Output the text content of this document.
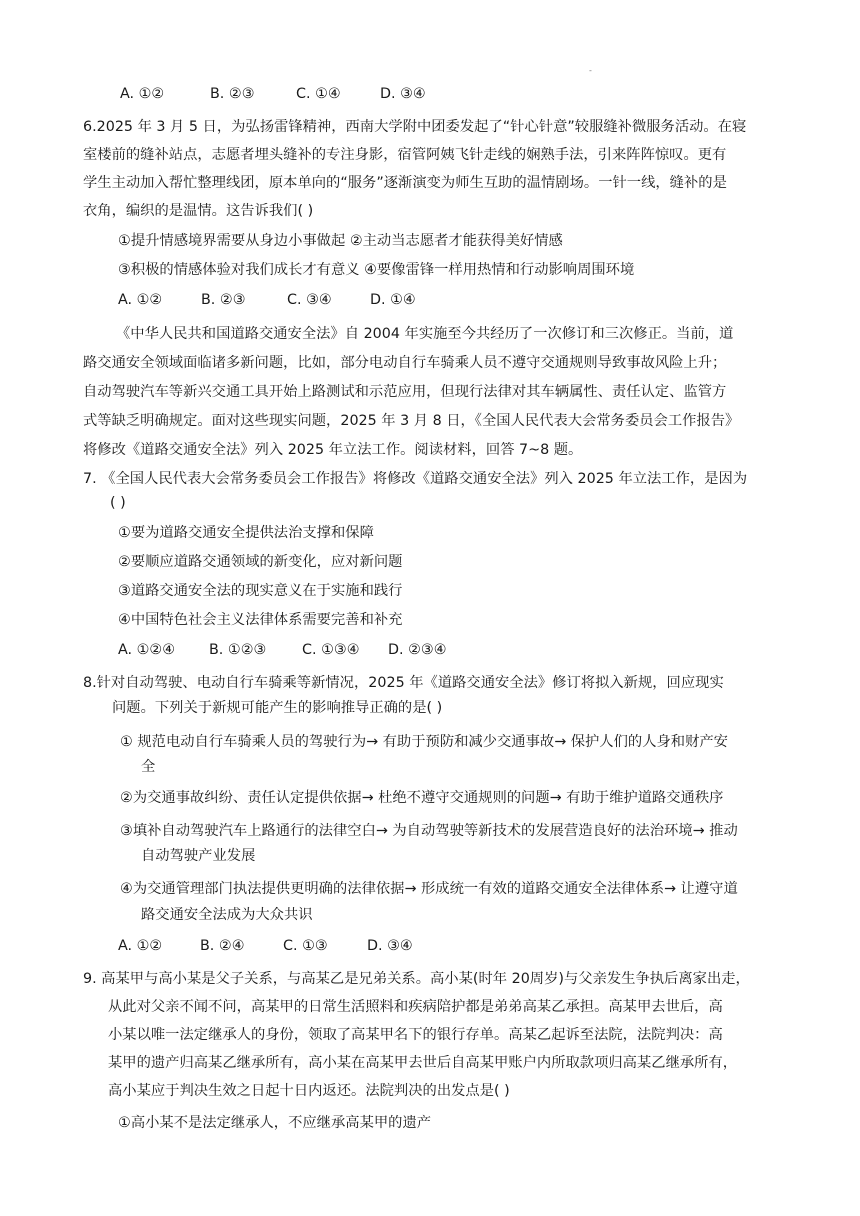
-
A. ①②	B. ②③	C. ①④	D. ③④
6.2025 年 3 月 5 日，为弘扬雷锋精神，西南大学附中团委发起了“针心针意”较服缝补微服务活动。在寝
室楼前的缝补站点，志愿者埋头缝补的专注身影，宿管阿姨飞针走线的娴熟手法，引来阵阵惊叹。更有
学生主动加入帮忙整理线团，原本单向的“服务”逐渐演变为师生互助的温情剧场。一针一线，缝补的是
衣角，编织的是温情。这告诉我们( )
①提升情感境界需要从身边小事做起 ②主动当志愿者才能获得美好情感
③积极的情感体验对我们成长才有意义 ④要像雷锋一样用热情和行动影响周围环境
A. ①②	B. ②③	C. ③④	D. ①④
《中华人民共和国道路交通安全法》自 2004 年实施至今共经历了一次修订和三次修正。当前，道
路交通安全领域面临诸多新问题，比如，部分电动自行车骑乘人员不遵守交通规则导致事故风险上升；
自动驾驶汽车等新兴交通工具开始上路测试和示范应用，但现行法律对其车辆属性、责任认定、监管方
式等缺乏明确规定。面对这些现实问题，2025 年 3 月 8 日，《全国人民代表大会常务委员会工作报告》
将修改《道路交通安全法》列入 2025 年立法工作。阅读材料，回答 7~8 题。
7. 《全国人民代表大会常务委员会工作报告》将修改《道路交通安全法》列入 2025 年立法工作，是因为
( )
①要为道路交通安全提供法治支撑和保障
②要顺应道路交通领域的新变化，应对新问题
③道路交通安全法的现实意义在于实施和践行
④中国特色社会主义法律体系需要完善和补充
A. ①②④ B. ①②③ C. ①③④ D. ②③④
8.针对自动驾驶、电动自行车骑乘等新情况，2025 年《道路交通安全法》修订将拟入新规，回应现实
问题。下列关于新规可能产生的影响推导正确的是( )
① 规范电动自行车骑乘人员的驾驶行为→ 有助于预防和减少交通事故→ 保护人们的人身和财产安
全
②为交通事故纠纷、责任认定提供依据→ 杜绝不遵守交通规则的问题→ 有助于维护道路交通秩序
③填补自动驾驶汽车上路通行的法律空白→ 为自动驾驶等新技术的发展营造良好的法治环境→ 推动
自动驾驶产业发展
④为交通管理部门执法提供更明确的法律依据→ 形成统一有效的道路交通安全法律体系→ 让遵守道
路交通安全法成为大众共识
A. ①②	B. ②④	C. ①③	D. ③④
9. 高某甲与高小某是父子关系，与高某乙是兄弟关系。高小某(时年 20周岁)与父亲发生争执后离家出走，
从此对父亲不闻不问，高某甲的日常生活照料和疾病陪护都是弟弟高某乙承担。高某甲去世后，高
小某以唯一法定继承人的身份，领取了高某甲名下的银行存单。高某乙起诉至法院，法院判决：高
某甲的遗产归高某乙继承所有，高小某在高某甲去世后自高某甲账户内所取款项归高某乙继承所有，
高小某应于判决生效之日起十日内返还。法院判决的出发点是( )
①高小某不是法定继承人，不应继承高某甲的遗产
